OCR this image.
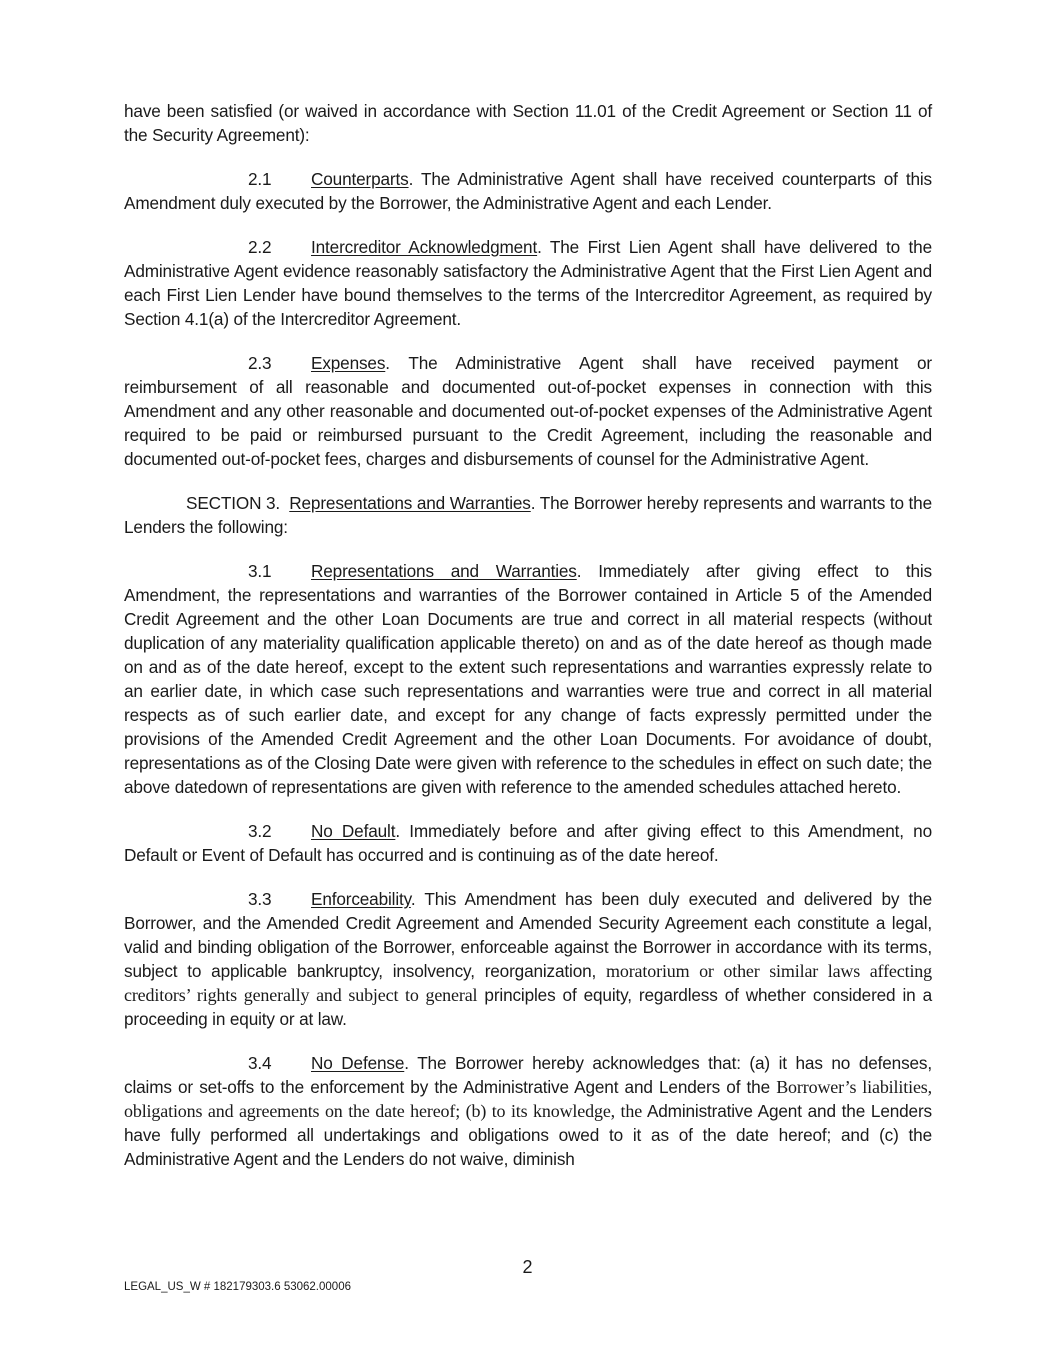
have been satisfied (or waived in accordance with Section 11.01 of the Credit Agreement or Section 11 of the Security Agreement):

2.1 Counterparts. The Administrative Agent shall have received counterparts of this Amendment duly executed by the Borrower, the Administrative Agent and each Lender.

2.2 Intercreditor Acknowledgment. The First Lien Agent shall have delivered to the Administrative Agent evidence reasonably satisfactory the Administrative Agent that the First Lien Agent and each First Lien Lender have bound themselves to the terms of the Intercreditor Agreement, as required by Section 4.1(a) of the Intercreditor Agreement.

2.3 Expenses. The Administrative Agent shall have received payment or reimbursement of all reasonable and documented out-of-pocket expenses in connection with this Amendment and any other reasonable and documented out-of-pocket expenses of the Administrative Agent required to be paid or reimbursed pursuant to the Credit Agreement, including the reasonable and documented out-of-pocket fees, charges and disbursements of counsel for the Administrative Agent.

SECTION 3.  Representations and Warranties. The Borrower hereby represents and warrants to the Lenders the following:

3.1 Representations and Warranties. Immediately after giving effect to this Amendment, the representations and warranties of the Borrower contained in Article 5 of the Amended Credit Agreement and the other Loan Documents are true and correct in all material respects (without duplication of any materiality qualification applicable thereto) on and as of the date hereof as though made on and as of the date hereof, except to the extent such representations and warranties expressly relate to an earlier date, in which case such representations and warranties were true and correct in all material respects as of such earlier date, and except for any change of facts expressly permitted under the provisions of the Amended Credit Agreement and the other Loan Documents. For avoidance of doubt, representations as of the Closing Date were given with reference to the schedules in effect on such date; the above datedown of representations are given with reference to the amended schedules attached hereto.

3.2 No Default. Immediately before and after giving effect to this Amendment, no Default or Event of Default has occurred and is continuing as of the date hereof.

3.3 Enforceability. This Amendment has been duly executed and delivered by the Borrower, and the Amended Credit Agreement and Amended Security Agreement each constitute a legal, valid and binding obligation of the Borrower, enforceable against the Borrower in accordance with its terms, subject to applicable bankruptcy, insolvency, reorganization, moratorium or other similar laws affecting creditors’ rights generally and subject to general principles of equity, regardless of whether considered in a proceeding in equity or at law.

3.4 No Defense. The Borrower hereby acknowledges that: (a) it has no defenses, claims or set-offs to the enforcement by the Administrative Agent and Lenders of the Borrower’s liabilities, obligations and agreements on the date hereof; (b) to its knowledge, the Administrative Agent and the Lenders have fully performed all undertakings and obligations owed to it as of the date hereof; and (c) the Administrative Agent and the Lenders do not waive, diminish

2
LEGAL_US_W # 182179303.6 53062.00006
